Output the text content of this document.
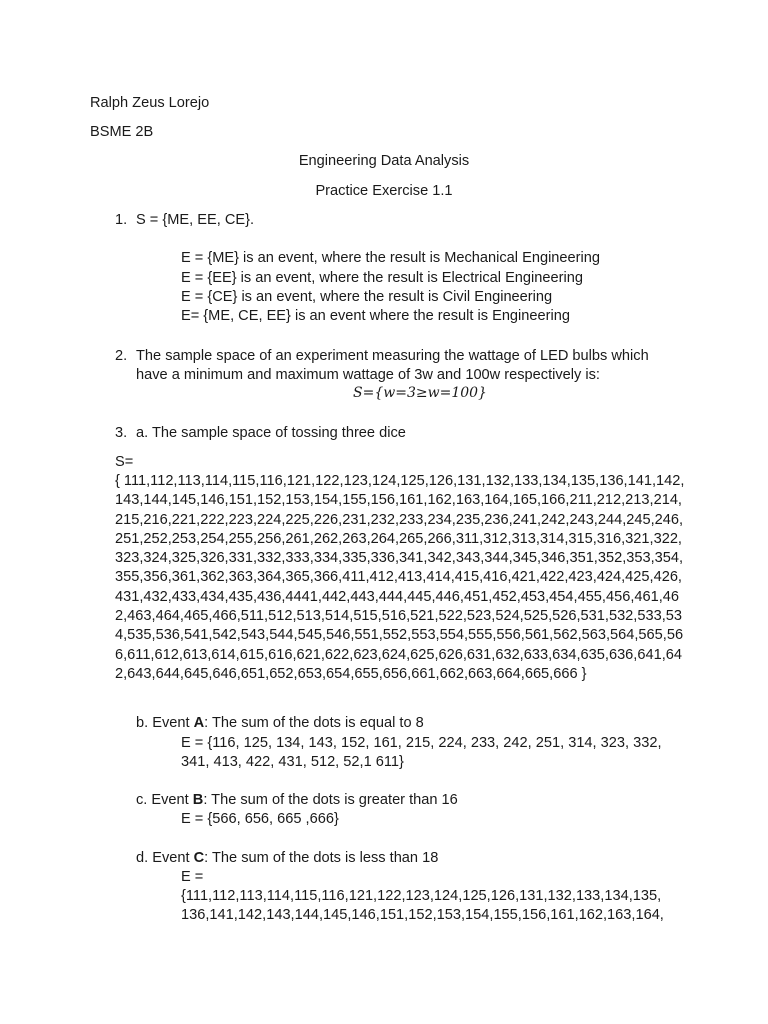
Ralph Zeus Lorejo
BSME 2B
Engineering Data Analysis
Practice Exercise 1.1
1. S = {ME, EE, CE}.
E = {ME} is an event, where the result is Mechanical Engineering
E = {EE} is an event, where the result is Electrical Engineering
E = {CE} is an event, where the result is Civil Engineering
E= {ME, CE, EE} is an event where the result is Engineering
2. The sample space of an experiment measuring the wattage of LED bulbs which
have a minimum and maximum wattage of 3w and 100w respectively is:
S={w=3≥w=100}
3. a. The sample space of tossing three dice
S=
{ 111,112,113,114,115,116,121,122,123,124,125,126,131,132,133,134,135,136,141,142,143,144,145,146,151,152,153,154,155,156,161,162,163,164,165,166,211,212,213,214,215,216,221,222,223,224,225,226,231,232,233,234,235,236,241,242,243,244,245,246,251,252,253,254,255,256,261,262,263,264,265,266,311,312,313,314,315,316,321,322,323,324,325,326,331,332,333,334,335,336,341,342,343,344,345,346,351,352,353,354,355,356,361,362,363,364,365,366,411,412,413,414,415,416,421,422,423,424,425,426,431,432,433,434,435,436,4441,442,443,444,445,446,451,452,453,454,455,456,461,462,463,464,465,466,511,512,513,514,515,516,521,522,523,524,525,526,531,532,533,534,535,536,541,542,543,544,545,546,551,552,553,554,555,556,561,562,563,564,565,566,611,612,613,614,615,616,621,622,623,624,625,626,631,632,633,634,635,636,641,642,643,644,645,646,651,652,653,654,655,656,661,662,663,664,665,666 }
b. Event A: The sum of the dots is equal to 8
E = {116, 125, 134, 143, 152, 161, 215, 224, 233, 242, 251, 314, 323, 332,
341, 413, 422, 431, 512, 52,1 611}
c. Event B: The sum of the dots is greater than 16
E = {566, 656, 665 ,666}
d. Event C: The sum of the dots is less than 18
E =
{111,112,113,114,115,116,121,122,123,124,125,126,131,132,133,134,135,
136,141,142,143,144,145,146,151,152,153,154,155,156,161,162,163,164,
